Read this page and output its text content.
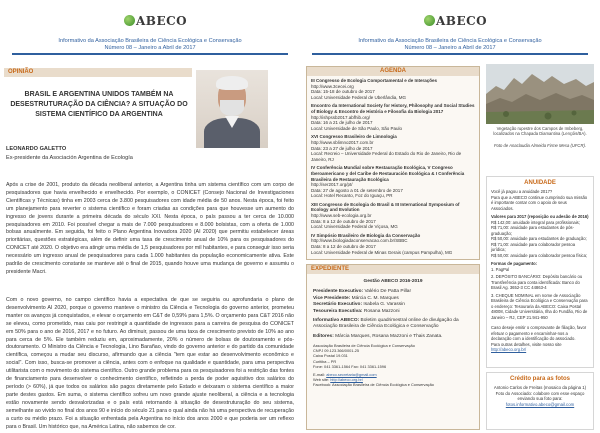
ABECO
Informativo da Associação Brasileira de Ciência Ecológica e Conservação
Número 08 – Janeiro a Abril de 2017
OPINIÃO
BRASIL E ARGENTINA UNIDOS TAMBÉM NA
DESESTRUTURAÇÃO DA CIÊNCIA? A SITUAÇÃO DO
SISTEMA CIENTÍFICO DA ARGENTINA
LEONARDO GALETTO
Ex-presidente da Asociación Argentina de Ecología

Após a crise de 2001, produto da década neoliberal anterior, a Argentina tinha um sistema científico com um corpo de pesquisadores que havia envelhecido e envelhecido. Por exemplo, o CONICET (Consejo Nacional de Investigaciones Científicas y Técnicas) tinha em 2003 cerca de 3.800 pesquisadores com idade média de 50 anos. Nesta época, foi feito um planejamento para reverter o sistema científico e foram criadas as condições para que houvesse um aumento do ingresso de jovens durante a primeira década do século XXI. Nesta época, o país passou a ter cerca de 10.000 pesquisadores em 2010. Foi possível chegar a mais de 7.000 pesquisadores e 8.000 bolsistas, com a oferta de 1.000 bolsas anualmente. Em seguida, foi feito o Plano Argentina Inovadora 2020 (AI 2020) que permitiu estabelecer áreas prioritárias, questões estratégicas, além de definir uma taxa de crescimento anual de 10% para os pesquisadores do CONICET até 2020. O objetivo era atingir uma média de 1,5 pesquisadores por mil habitantes, e para conseguir isso seria necessário um ingresso anual de pesquisadores para cada 1.000 habitantes da população economicamente ativa. Este padrão de crescimento constante se manteve até o final de 2015, quando houve uma mudança de governo e assumiu o presidente Macri.

Com o novo governo, no campo científico havia a expectativa de que se seguiria ou aprofundaria o plano de desenvolvimento AI 2020, porque o governo manteve o ministro da Ciência e Tecnologia do governo anterior, prometeu manter os avanços já conquistados, e elevar o orçamento em C&T de 0,59% para 1,5%. O orçamento para C&T 2016 não se elevou, como prometido, mas caiu por restringir a quantidade de ingressos para a carreira de pesquisa do CONICET em 50% para o ano de 2016, 2017 e no futuro. Ao diminuir, passou de uma taxa de crescimento previsto de 10% ao ano para cerca de 5%. Ele também reduziu em, aproximadamente, 20% o número de bolsas de doutoramento e pós-doutoramento. O Ministro da Ciência e Tecnologia, Lino Barañao, vindo do governo anterior e do partido da comunidade científica, começou a mudar seu discurso, afirmando que a ciência "tem que estar ao desenvolvimento econômico e social". Com isso, busca-se promover a ciência, antes com o enfoque na qualidade e quantidade, para uma perspectiva utilitarista com o movimento do sistema científico. Outro grande problema para os pesquisadores foi a restrição das fontes de financiamento para desenvolver o conhecimento científico, refletindo a perda de poder aquisitivo dos salários do período (> 60%), já que todos os salários são pagos diretamente pelo Estado e deixaram o sistema científico a maior parte destes gastos. Em suma, o sistema científico sofreu um novo grande ajuste neoliberal, a ciência e a tecnologia estão novamente sendo desvalorizadas e o país está retornando à situação de desestruturação do seu sistema, semelhante ao vivido no final dos anos 90 e início do século 21 para o qual ainda não há uma perspectiva de recuperação a curto ou médio prazo. Foi a situação enfrentada pela Argentina no início dos anos 2000 e que poderia ser um reflexo para o Brasil. Um histórico que, na América Latina, não sabemos de cor.

ABECO
Informativo da Associação Brasileira de Ciência Ecológica e Conservação
Número 08 – Janeiro a Abril de 2017
AGENDA
III Congresso de Ecologia Comportamental e de Interações
http://www.3cecei.org
Data: 15-18 de outubro de 2017
Local: Universidade Federal de Uberlândia, MG
Encontro da International Society for History, Philosophy and Social Studies of Biology & Encontro de História e Filosofia da Biologia 2017
http://ishpssb2017.abfhib.org/
Data: 16 a 21 de julho de 2017
Local: Universidade de São Paulo, São Paulo
XVI Congresso Brasileiro de Limnologia
http://www.sblimno2017.com.br
Data: 23 a 27 de julho de 2017
Local: Recreio – Universidade Federal do Estado do Rio de Janeiro, Rio de Janeiro, RJ
IV Conferência Mundial sobre Restauração Ecológica, V Congreso Iberoamericano y del Caribe de Restauración Ecológica & I Conferência Brasileira de Restauração Ecológica
http://ser2017.org/pt/
Data: 27 de agosto a 01 de setembro de 2017
Local: Hotel Recanto, Foz do Iguaçu, PR
XIII Congresso de Ecologia do Brasil & III International Symposium of Ecology and Evolution
http://www.seb-ecologia.org.br
Data: 8 a 12 de outubro de 2017
Local: Universidade Federal de Viçosa, MG
IV Simpósio Brasileiro de Biologia da Conservação
http://www.biologiadaconservacao.com.br/SBBC
Data: 8 a 12 de outubro de 2017
Local: Universidade Federal de Minas Gerais (campus Pampulha), MG
EXPEDIENTE
Gestão ABECO 2016-2019
Presidente Executivo: Valério De Patta Pillar
Vice Presidente: Márcia C. M. Marques
Secretário Executivo: Isabela G. Varassin
Tesoureira Executiva: Rosana Mazzoni
Informativo ABECO: Boletim quadrimestral online de divulgação da Associação Brasileira de Ciência Ecológica e Conservação
Editores: Márcia Marques, Rosana Mazzoni e Thais Zanata.
Associação Brasileira de Ciência Ecológica e Conservação
CNPJ 09.123.366/0001-25
Caixa Postal 19.031
Curitiba – PR
Fone: 041 3361-1564 Fax: 041 3361-1596
E-mail: abeco.secretaria@gmail.com
Web site: http://abeco.org.br/
Facebook: Associação Brasileira de Ciência Ecológica e Conservação
Vegetação rupestre dos Campos de Imbeberg, localizados na Chapada Diamantina (Lençóis/BA).
Foto de Anaclaudia Almeida Firme Mesa (UFCR).
ANUIDADE
Você já pagou a anuidade 2017?
Para que a ABECO continue cumprindo sua missão é importante contar com o apoio de seus Associados.
Valores para 2017 (reposição ou adesão de 2016)
R$ 142,00: anuidade integral para profissionais;
R$ 71,00: anuidade para estudantes de pós-graduação;
R$ 50,00: anuidade para estudantes de graduação;
R$ 71,00: anuidade para colaborador pessoa jurídica;
R$ 50,00: anuidade para colaborador pessoa física;
Formas de pagamento:
1. PagPal
2. DEPÓSITO BANCÁRIO: Depósito bancário ou Transferência para conta identificada: Banco do Brasil Ag. 3652-3 CC 44863-4
3. CHEQUE NOMINAL em nome de Associação Brasileira de Ciência Ecológica e Conservação para o endereço: Tesouraria da ABECO: Caixa Postal 48008, Cidade Universitária, Ilha do Fundão, Rio de Janeiro – RJ, CEP 21.941-950
Caso deseje emitir o comprovante de filiação, favor efetuar o pagamento e encaminhar-nos a declaração com a identificação do associado.
Para outras detalhes, visite nosso site http://abeco.org.br/
Crédito para as fotos
Antonio Carlos de Freitas (mosaico da página 1)
Foto do Associado: colabore com esse espaço enviando sua foto para:
fotos.informativo.abeco@gmail.com
